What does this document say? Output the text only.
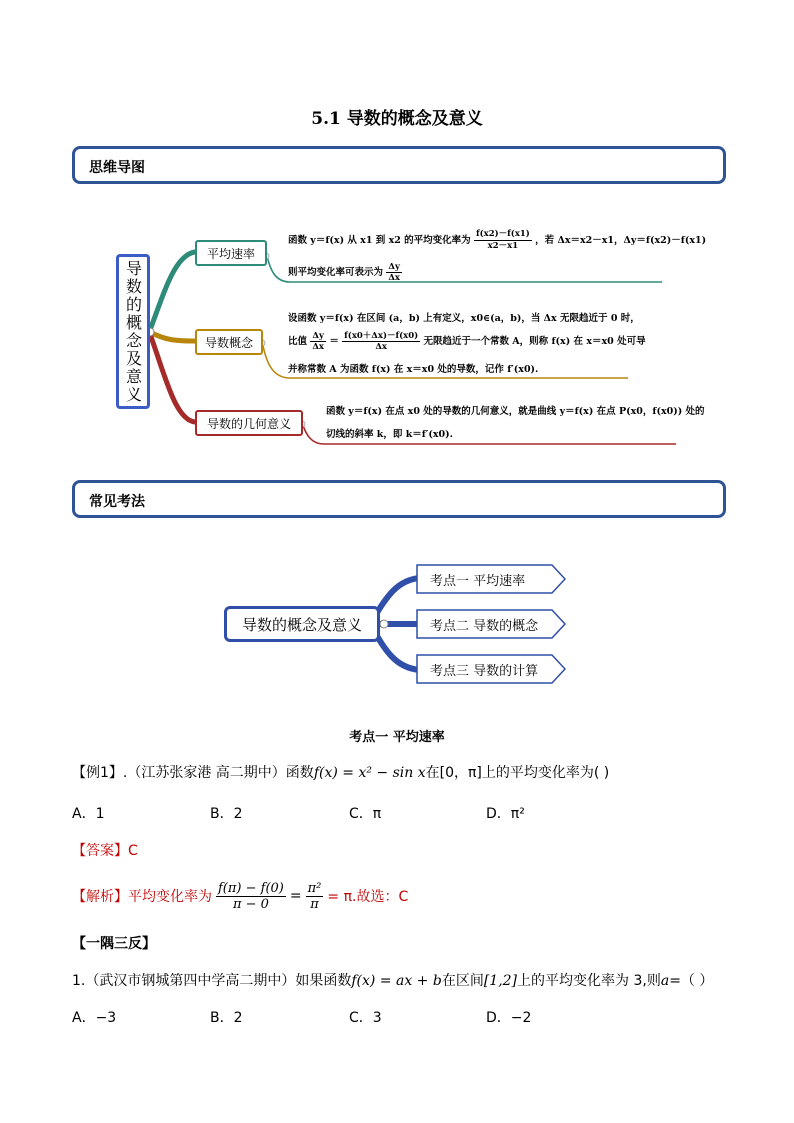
5.1 导数的概念及意义
思维导图
导数的概念及意义
平均速率
函数 y＝f(x) 从 x1 到 x2 的平均变化率为 $\frac{f(x2)-f(x1)}{x2-x1}$ ，若 Δx＝x2－x1，Δy＝f(x2)－f(x1)
则平均变化率可表示为 $\frac{\Delta y}{\Delta x}$
导数概念
设函数 y＝f(x) 在区间 (a，b) 上有定义，x0∈(a，b)，当 Δx 无限趋近于 0 时，
比值 $\frac{\Delta y}{\Delta x} = \frac{f(x0+\Delta x)-f(x0)}{\Delta x}$ 无限趋近于一个常数 A，则称 f(x) 在 x＝x0 处可导
并称常数 A 为函数 f(x) 在 x＝x0 处的导数，记作 f′(x0).
导数的几何意义
函数 y＝f(x) 在点 x0 处的导数的几何意义，就是曲线 y＝f(x) 在点 P(x0，f(x0)) 处的
切线的斜率 k，即 k＝f′(x0).
常见考法
导数的概念及意义
考点一 平均速率
考点二 导数的概念
考点三 导数的计算
考点一 平均速率
【例1】.（江苏张家港 高二期中）函数f(x) = x² − sin x在[0，π]上的平均变化率为( )
A．1	B．2	C．π	D．π²
【答案】C
【解析】 平均变化率为 $\frac{f(\pi) - f(0)}{\pi - 0} = \frac{\text{π²}}{\pi} = \pi$.故选：C
【一隅三反】
1.（武汉市钢城第四中学高二期中）如果函数f(x) = ax + b在区间[1,2]上的平均变化率为 3,则a=（ ）
A．−3	B．2	C．3	D．−2
